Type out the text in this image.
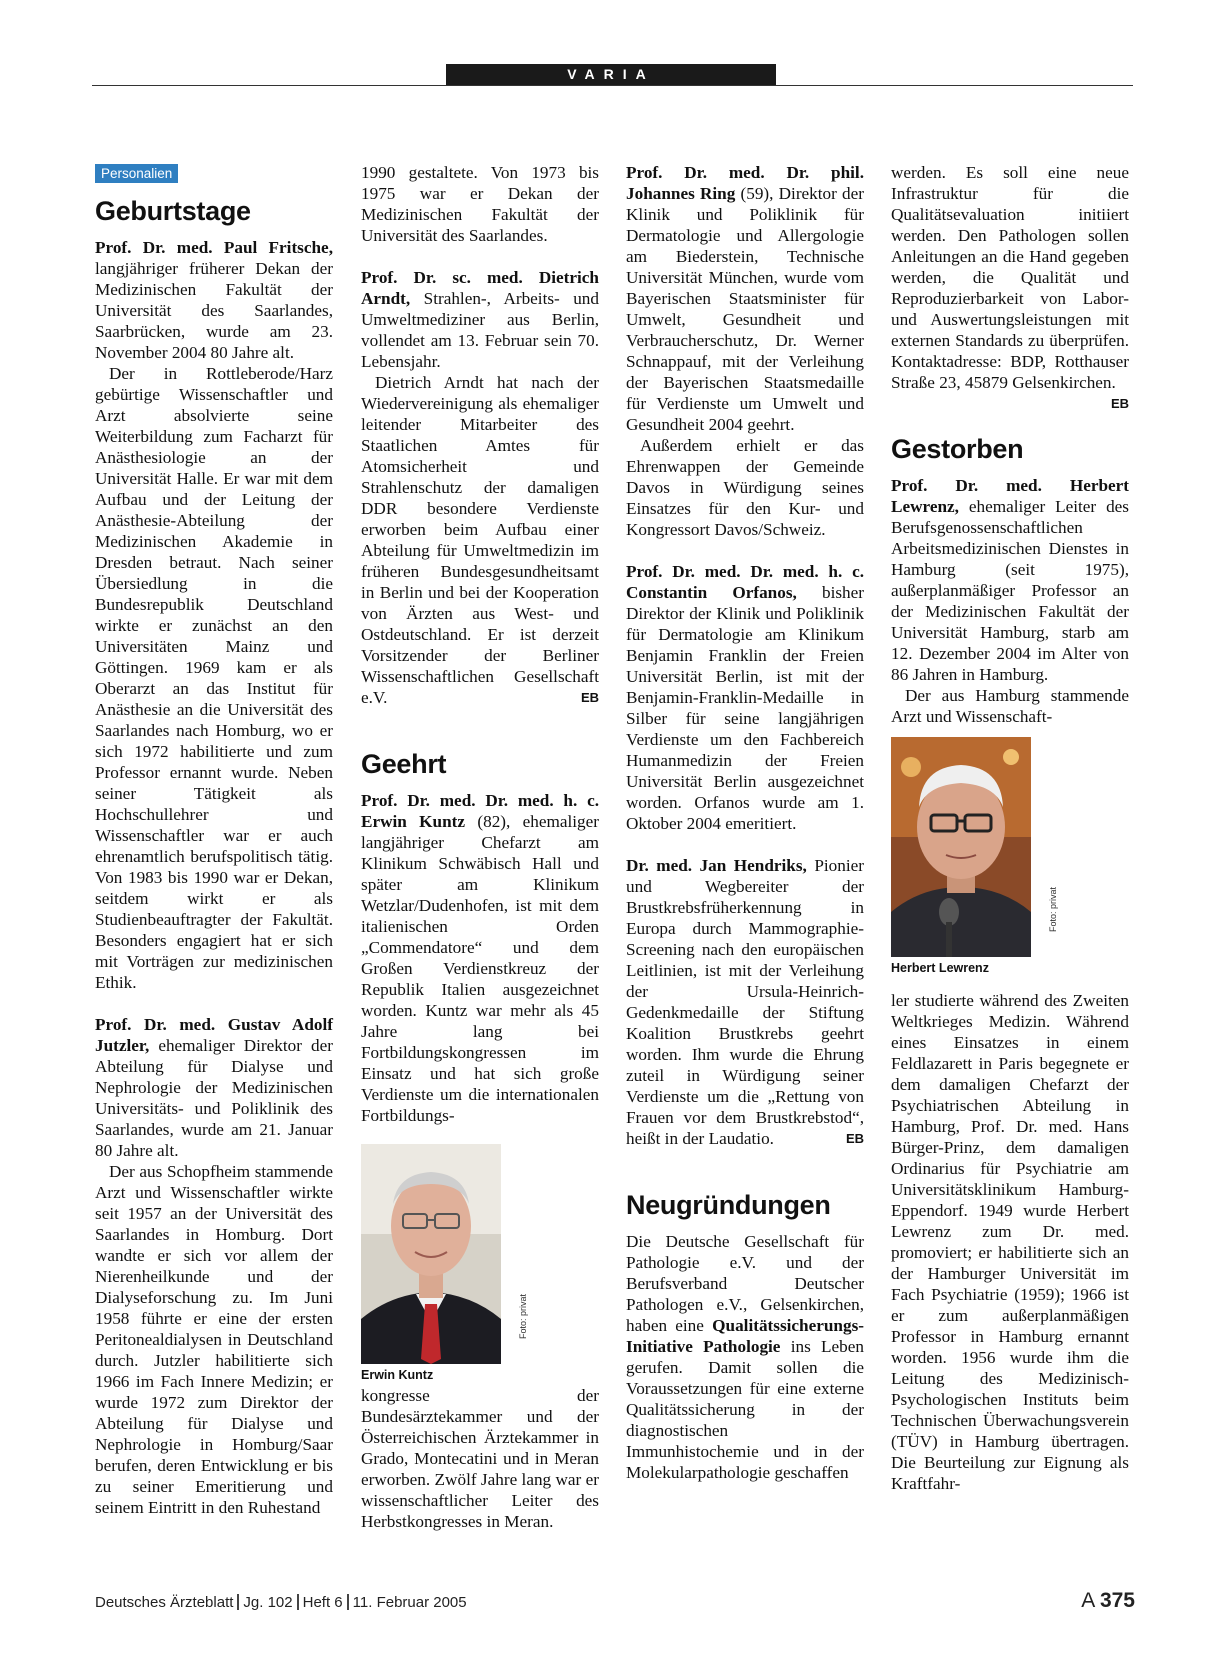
VARIA
Personalien
Geburtstage

Prof. Dr. med. Paul Fritsche, langjähriger früherer Dekan der Medizinischen Fakultät der Universität des Saarlandes, Saarbrücken, wurde am 23. November 2004 80 Jahre alt.

Der in Rottleberode/Harz gebürtige Wissenschaftler und Arzt absolvierte seine Weiterbildung zum Facharzt für Anästhesiologie an der Universität Halle. Er war mit dem Aufbau und der Leitung der Anästhesie-Abteilung der Medizinischen Akademie in Dresden betraut. Nach seiner Übersiedlung in die Bundesrepublik Deutschland wirkte er zunächst an den Universitäten Mainz und Göttingen. 1969 kam er als Oberarzt an das Institut für Anästhesie an die Universität des Saarlandes nach Homburg, wo er sich 1972 habilitierte und zum Professor ernannt wurde. Neben seiner Tätigkeit als Hochschullehrer und Wissenschaftler war er auch ehrenamtlich berufspolitisch tätig. Von 1983 bis 1990 war er Dekan, seitdem wirkt er als Studienbeauftragter der Fakultät. Besonders engagiert hat er sich mit Vorträgen zur medizinischen Ethik.

Prof. Dr. med. Gustav Adolf Jutzler, ehemaliger Direktor der Abteilung für Dialyse und Nephrologie der Medizinischen Universitäts- und Poliklinik des Saarlandes, wurde am 21. Januar 80 Jahre alt.

Der aus Schopfheim stammende Arzt und Wissenschaftler wirkte seit 1957 an der Universität des Saarlandes in Homburg. Dort wandte er sich vor allem der Nierenheilkunde und der Dialyseforschung zu. Im Juni 1958 führte er eine der ersten Peritonealdialysen in Deutschland durch. Jutzler habilitierte sich 1966 im Fach Innere Medizin; er wurde 1972 zum Direktor der Abteilung für Dialyse und Nephrologie in Homburg/Saar berufen, deren Entwicklung er bis zu seiner Emeritierung und seinem Eintritt in den Ruhestand

1990 gestaltete. Von 1973 bis 1975 war er Dekan der Medizinischen Fakultät der Universität des Saarlandes.

Prof. Dr. sc. med. Dietrich Arndt, Strahlen-, Arbeits- und Umweltmediziner aus Berlin, vollendet am 13. Februar sein 70. Lebensjahr.

Dietrich Arndt hat nach der Wiedervereinigung als ehemaliger leitender Mitarbeiter des Staatlichen Amtes für Atomsicherheit und Strahlenschutz der damaligen DDR besondere Verdienste erworben beim Aufbau einer Abteilung für Umweltmedizin im früheren Bundesgesundheitsamt in Berlin und bei der Kooperation von Ärzten aus West- und Ostdeutschland. Er ist derzeit Vorsitzender der Berliner Wissenschaftlichen Gesellschaft e.V.	EB

Geehrt

Prof. Dr. med. Dr. med. h. c. Erwin Kuntz (82), ehemaliger langjähriger Chefarzt am Klinikum Schwäbisch Hall und später am Klinikum Wetzlar/Dudenhofen, ist mit dem italienischen Orden „Commendatore“ und dem Großen Verdienstkreuz der Republik Italien ausgezeichnet worden. Kuntz war mehr als 45 Jahre lang bei Fortbildungskongressen im Einsatz und hat sich große Verdienste um die internationalen Fortbildungs-

Foto: privat
Erwin Kuntz

kongresse der Bundesärztekammer und der Österreichischen Ärztekammer in Grado, Montecatini und in Meran erworben. Zwölf Jahre lang war er wissenschaftlicher Leiter des Herbstkongresses in Meran.

Prof. Dr. med. Dr. phil. Johannes Ring (59), Direktor der Klinik und Poliklinik für Dermatologie und Allergologie am Biederstein, Technische Universität München, wurde vom Bayerischen Staatsminister für Umwelt, Gesundheit und Verbraucherschutz, Dr. Werner Schnappauf, mit der Verleihung der Bayerischen Staatsmedaille für Verdienste um Umwelt und Gesundheit 2004 geehrt.

Außerdem erhielt er das Ehrenwappen der Gemeinde Davos in Würdigung seines Einsatzes für den Kur- und Kongressort Davos/Schweiz.

Prof. Dr. med. Dr. med. h. c. Constantin Orfanos, bisher Direktor der Klinik und Poliklinik für Dermatologie am Klinikum Benjamin Franklin der Freien Universität Berlin, ist mit der Benjamin-Franklin-Medaille in Silber für seine langjährigen Verdienste um den Fachbereich Humanmedizin der Freien Universität Berlin ausgezeichnet worden. Orfanos wurde am 1. Oktober 2004 emeritiert.

Dr. med. Jan Hendriks, Pionier und Wegbereiter der Brustkrebsfrüherkennung in Europa durch Mammographie-Screening nach den europäischen Leitlinien, ist mit der Verleihung der Ursula-Heinrich-Gedenkmedaille der Stiftung Koalition Brustkrebs geehrt worden. Ihm wurde die Ehrung zuteil in Würdigung seiner Verdienste um die „Rettung von Frauen vor dem Brustkrebstod“, heißt in der Laudatio.	EB

Neugründungen

Die Deutsche Gesellschaft für Pathologie e.V. und der Berufsverband Deutscher Pathologen e.V., Gelsenkirchen, haben eine Qualitätssicherungs-Initiative Pathologie ins Leben gerufen. Damit sollen die Voraussetzungen für eine externe Qualitätssicherung in der diagnostischen Immunhistochemie und in der Molekularpathologie geschaffen

werden. Es soll eine neue Infrastruktur für die Qualitätsevaluation initiiert werden. Den Pathologen sollen Anleitungen an die Hand gegeben werden, die Qualität und Reproduzierbarkeit von Labor- und Auswertungsleistungen mit externen Standards zu überprüfen. Kontaktadresse: BDP, Rotthauser Straße 23, 45879 Gelsenkirchen.
EB

Gestorben

Prof. Dr. med. Herbert Lewrenz, ehemaliger Leiter des Berufsgenossenschaftlichen Arbeitsmedizinischen Dienstes in Hamburg (seit 1975), außerplanmäßiger Professor an der Medizinischen Fakultät der Universität Hamburg, starb am 12. Dezember 2004 im Alter von 86 Jahren in Hamburg.

Der aus Hamburg stammende Arzt und Wissenschaft-

Foto: privat
Herbert Lewrenz

ler studierte während des Zweiten Weltkrieges Medizin. Während eines Einsatzes in einem Feldlazarett in Paris begegnete er dem damaligen Chefarzt der Psychiatrischen Abteilung in Hamburg, Prof. Dr. med. Hans Bürger-Prinz, dem damaligen Ordinarius für Psychiatrie am Universitätsklinikum Hamburg-Eppendorf. 1949 wurde Herbert Lewrenz zum Dr. med. promoviert; er habilitierte sich an der Hamburger Universität im Fach Psychiatrie (1959); 1966 ist er zum außerplanmäßigen Professor in Hamburg ernannt worden. 1956 wurde ihm die Leitung des Medizinisch-Psychologischen Instituts beim Technischen Überwachungsverein (TÜV) in Hamburg übertragen. Die Beurteilung zur Eignung als Kraftfahr-

Deutsches Ärzteblatt Jg. 102 Heft 6 11. Februar 2005	A 375
